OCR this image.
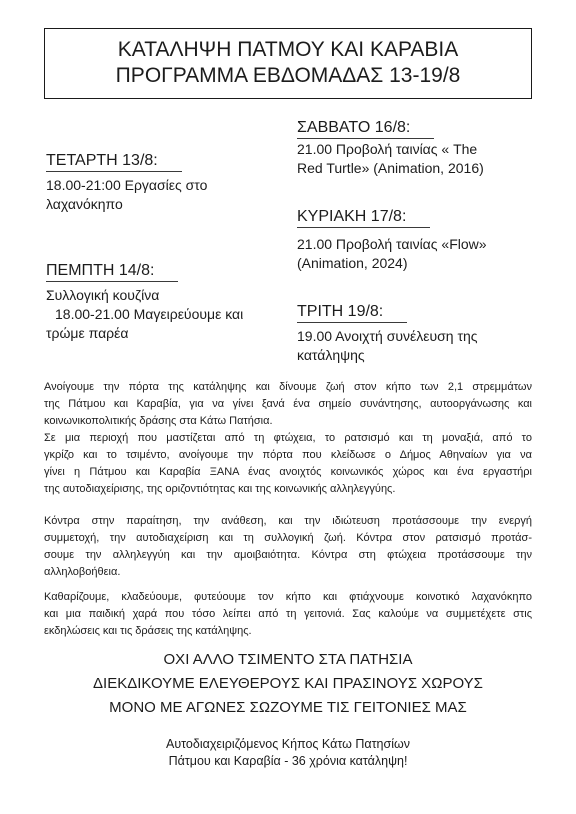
ΚΑΤΑΛΗΨΗ ΠΑΤΜΟΥ ΚΑΙ ΚΑΡΑΒΙΑ
ΠΡΟΓΡΑΜΜΑ ΕΒΔΟΜΑΔΑΣ 13-19/8
ΤΕΤΑΡΤΗ 13/8:
18.00-21:00 Εργασίες στο
λαχανόκηπο
ΠΕΜΠΤΗ 14/8:
Συλλογική κουζίνα
18.00-21.00 Μαγειρεύουμε και
τρώμε παρέα
ΣΑΒΒΑΤΟ 16/8:
21.00 Προβολή ταινίας « The
Red Turtle» (Animation, 2016)
ΚΥΡΙΑΚΗ 17/8:
21.00 Προβολή ταινίας «Flow»
(Animation, 2024)
ΤΡΙΤΗ 19/8:
19.00 Ανοιχτή συνέλευση της
κατάληψης
Ανοίγουμε την πόρτα της κατάληψης και δίνουμε ζωή στον κήπο των 2,1 στρεμμάτων
της Πάτμου και Καραβία, για να γίνει ξανά ένα σημείο συνάντησης, αυτοοργάνωσης και
κοινωνικοπολιτικής δράσης στα Κάτω Πατήσια.
Σε μια περιοχή που μαστίζεται από τη φτώχεια, το ρατσισμό και τη μοναξιά, από το
γκρίζο και το τσιμέντο, ανοίγουμε την πόρτα που κλείδωσε ο Δήμος Αθηναίων για να
γίνει η Πάτμου και Καραβία ΞΑΝΑ ένας ανοιχτός κοινωνικός χώρος και ένα εργαστήρι
της αυτοδιαχείρισης, της οριζοντιότητας και της κοινωνικής αλληλεγγύης.
Κόντρα στην παραίτηση, την ανάθεση, και την ιδιώτευση προτάσσουμε την ενεργή
συμμετοχή, την αυτοδιαχείριση και τη συλλογική ζωή. Κόντρα στον ρατσισμό προτάσ-
σουμε την αλληλεγγύη και την αμοιβαιότητα. Κόντρα στη φτώχεια προτάσσουμε την
αλληλοβοήθεια.
Καθαρίζουμε, κλαδεύουμε, φυτεύουμε τον κήπο και φτιάχνουμε κοινοτικό λαχανόκηπο
και μια παιδική χαρά που τόσο λείπει από τη γειτονιά. Σας καλούμε να συμμετέχετε στις
εκδηλώσεις και τις δράσεις της κατάληψης.
ΟΧΙ ΑΛΛΟ ΤΣΙΜΕΝΤΟ ΣΤΑ ΠΑΤΗΣΙΑ
ΔΙΕΚΔΙΚΟΥΜΕ ΕΛΕΥΘΕΡΟΥΣ ΚΑΙ ΠΡΑΣΙΝΟΥΣ ΧΩΡΟΥΣ
ΜΟΝΟ ΜΕ ΑΓΩΝΕΣ ΣΩΖΟΥΜΕ ΤΙΣ ΓΕΙΤΟΝΙΕΣ ΜΑΣ
Αυτοδιαχειριζόμενος Κήπος Κάτω Πατησίων
Πάτμου και Καραβία - 36 χρόνια κατάληψη!
